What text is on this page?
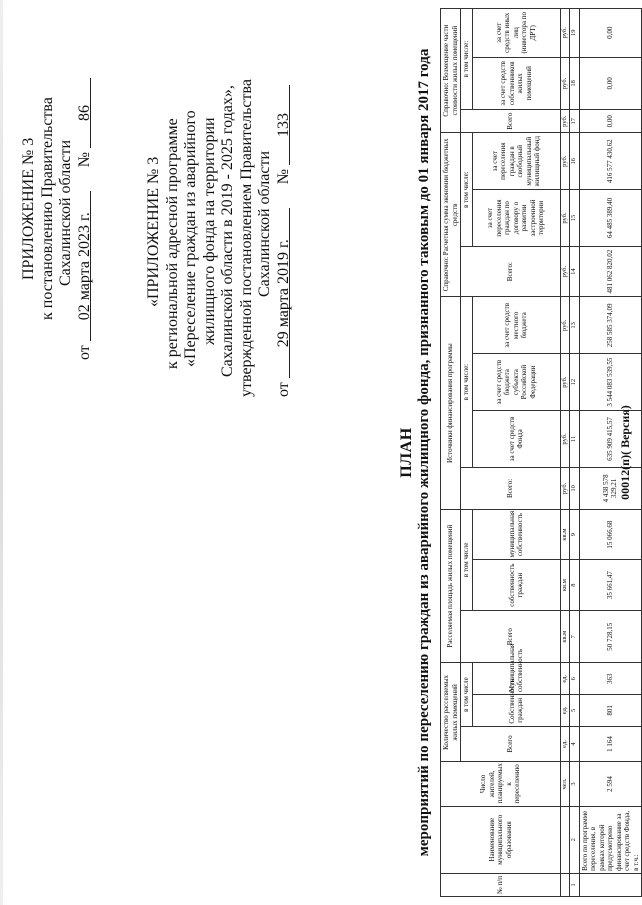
ПРИЛОЖЕНИЕ № 3 к постановлению Правительства Сахалинской области
от 02 марта 2023 г. № 86
«ПРИЛОЖЕНИЕ № 3 к региональной адресной программе «Переселение граждан из аварийного жилищного фонда на территории Сахалинской области в 2019 - 2025 годах», утвержденной постановлением Правительства Сахалинской области
от 29 марта 2019 г. № 133
ПЛАН мероприятий по переселению граждан из аварийного жилищного фонда, признанного таковым до 01 января 2017 года
№ п/п	Наименование муниципального образования	Число жителей, планируемых к переселению	Количество расселяемых жилых помещений			Расселяемая площадь жилых помещений			Источники финансирования программы				Справочно: Расчетная сумма экономии бюджетных средств			Справочно: Возмещение части стоимости жилых помещений		
			Всего	в том числе		Всего	в том числе		Всего:	в том числе:			Всего:	в том числе:		Всего	в том числе:	
				Собственность граждан	Муниципальная собственность		собственность граждан	муниципальная собственность		за счет средств Фонда	за счет средств бюджета субъекта Российской Федерации	за счет средств местного бюджета		за счет переселения граждан по договору о развитии застроенной территории	за счет переселения граждан в свободный муниципальный жилищный фонд		за счет средств собственников жилых помещений	за счет средств иных лиц (инвестора по ДРТ)
		чел.	ед.	ед.	ед.	кв.м	кв.м	кв.м	руб.	руб.	руб.	руб.	руб.	руб.	руб.	руб.	руб.	руб.
1	2	3	4	5	6	7	8	9	10	11	12	13	14	15	16	17	18	19
	Всего по программе переселения, в рамках которой предусмотрено финансирование за счет средств Фонда, в т.ч.:	2 594	1 164	801	363	50 728,15	35 661,47	15 066,68	4 438 578 329,21	635 909 415,57	3 544 083 539,55	258 585 374,09	481 062 820,02	64 485 389,40	416 577 430,62	0,00	0,00	0,00
00012(п)( Версия)
